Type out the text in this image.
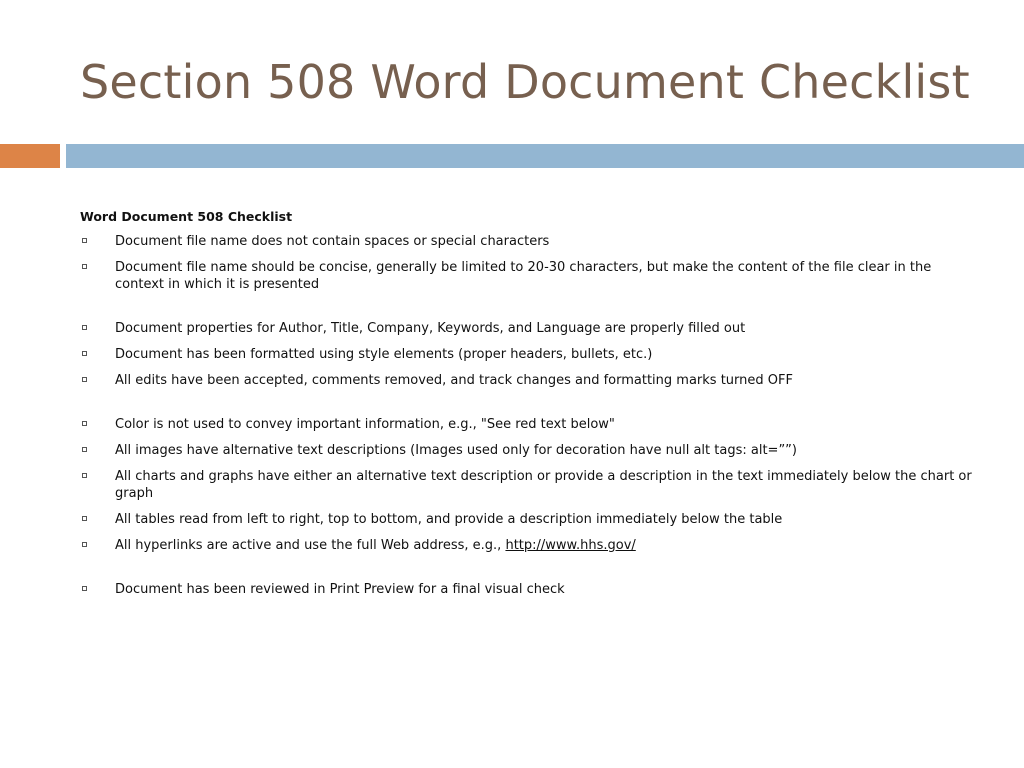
Section 508 Word Document Checklist

Word Document 508 Checklist

Document file name does not contain spaces or special characters
Document file name should be concise, generally be limited to 20-30 characters, but make the content of the file clear in the context in which it is presented
Document properties for Author, Title, Company, Keywords, and Language are properly filled out
Document has been formatted using style elements (proper headers, bullets, etc.)
All edits have been accepted, comments removed, and track changes and formatting marks turned OFF
Color is not used to convey important information, e.g., "See red text below"
All images have alternative text descriptions (Images used only for decoration have null alt tags: alt=””)
All charts and graphs have either an alternative text description or provide a description in the text immediately below the chart or graph
All tables read from left to right, top to bottom, and provide a description immediately below the table
All hyperlinks are active and use the full Web address, e.g., http://www.hhs.gov/
Document has been reviewed in Print Preview for a final visual check
